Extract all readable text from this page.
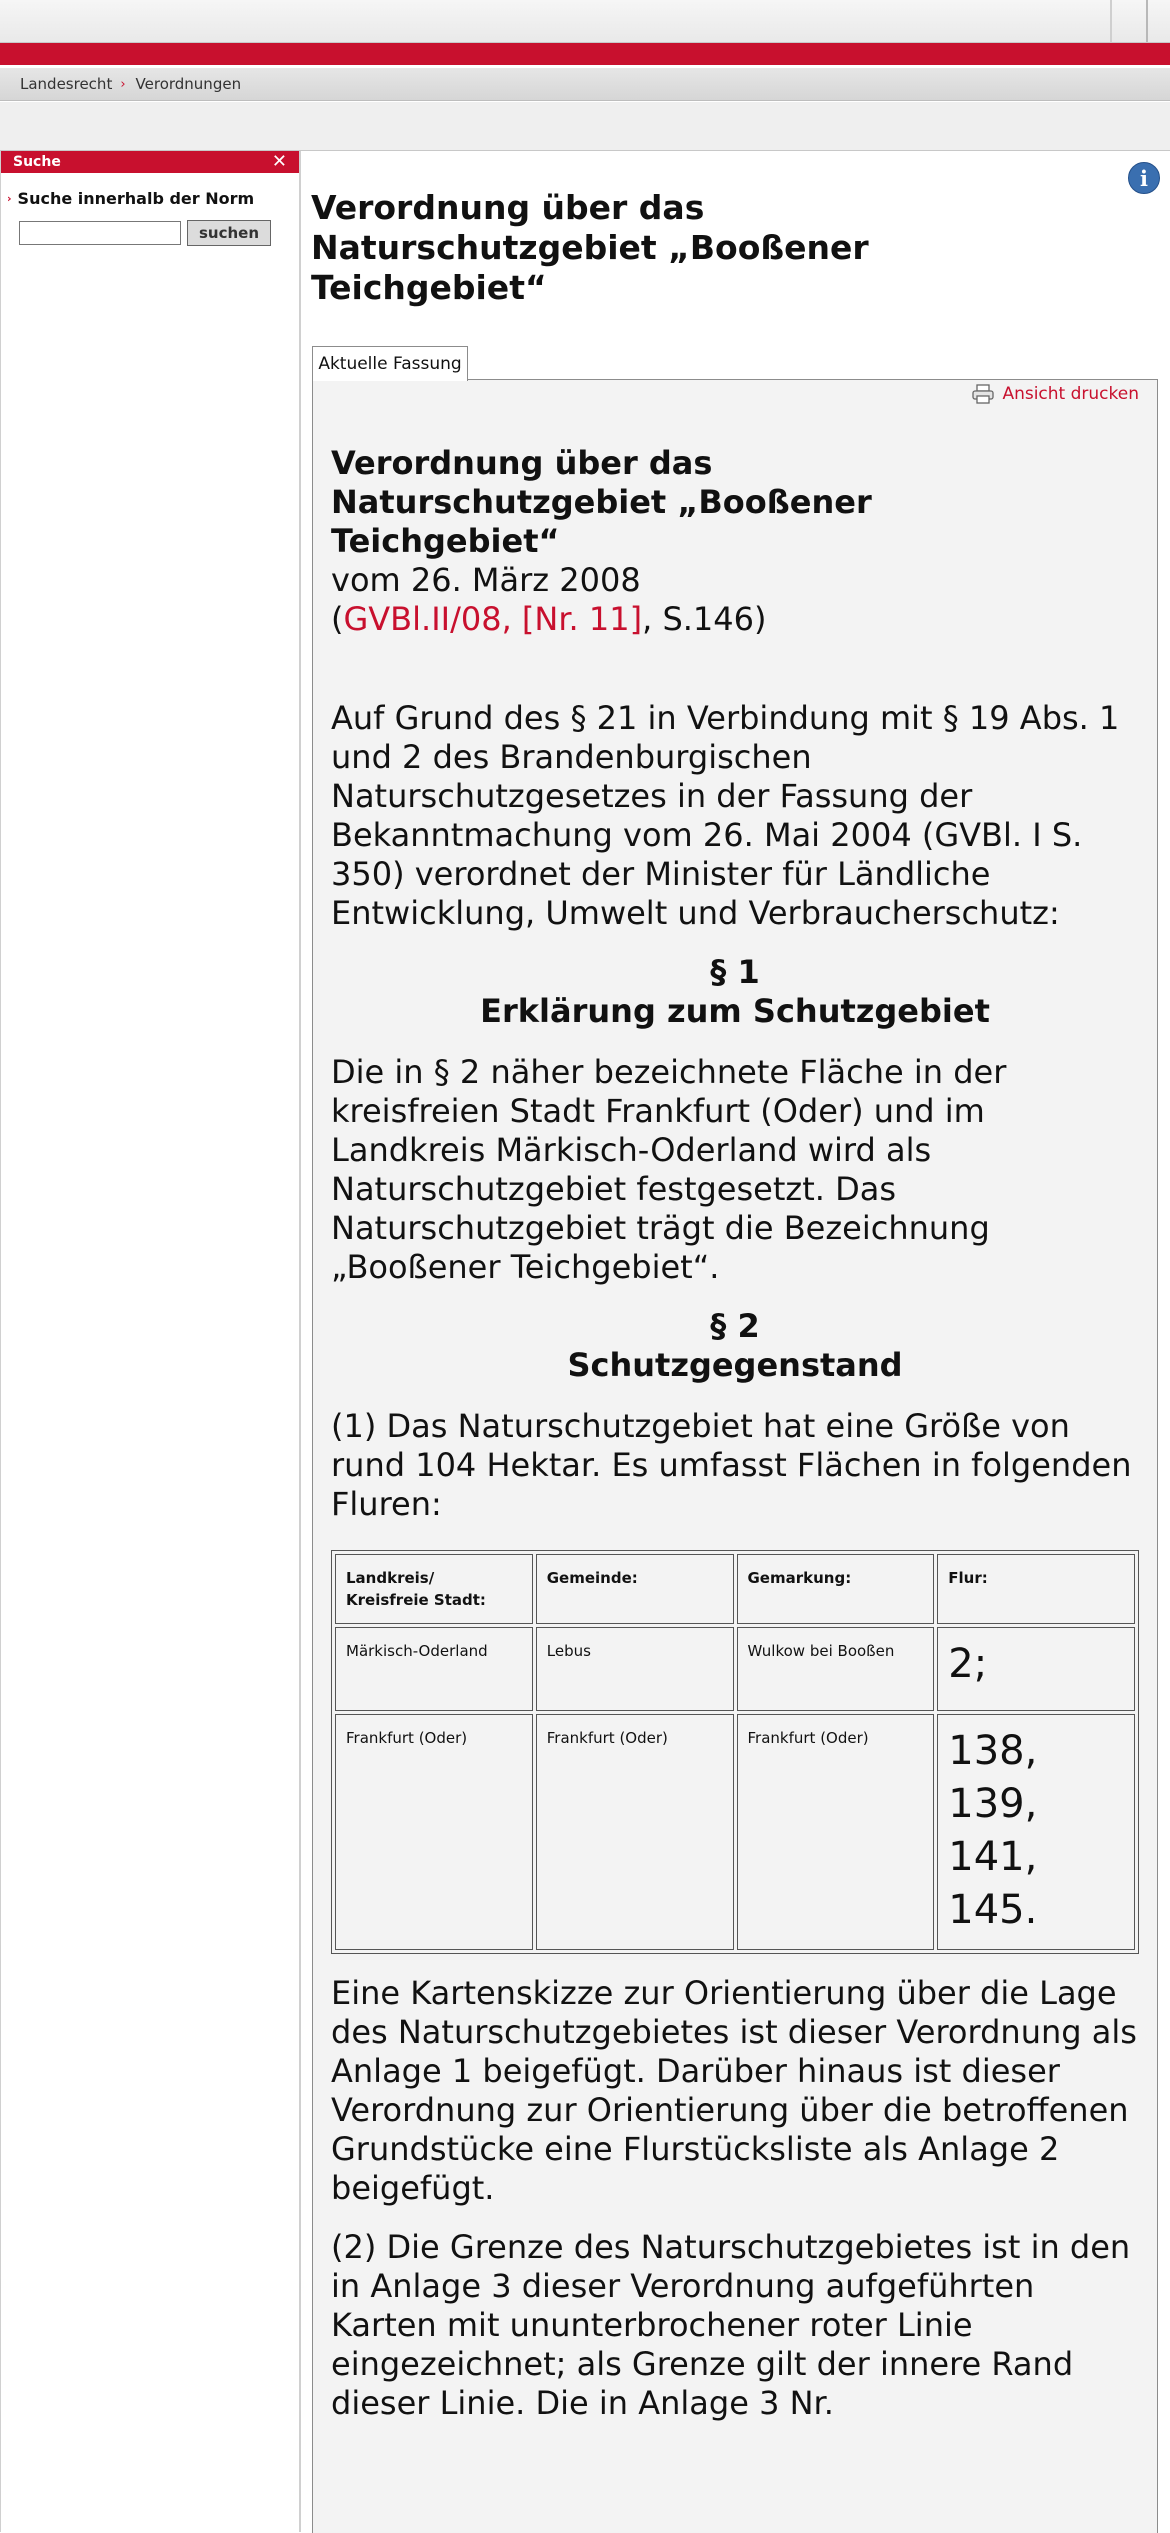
Landesrecht › Verordnungen
Suche	✕
› Suche innerhalb der Norm
suchen
i
Verordnung über das Naturschutzgebiet „Booßener Teichgebiet“
Aktuelle Fassung
Ansicht drucken
Verordnung über das Naturschutzgebiet „Booßener Teichgebiet“
vom 26. März 2008
(GVBl.II/08, [Nr. 11], S.146)

Auf Grund des § 21 in Verbindung mit § 19 Abs. 1 und 2 des Brandenburgischen Naturschutzgesetzes in der Fassung der Bekanntmachung vom 26. Mai 2004 (GVBl. I S. 350) verordnet der Minister für Ländliche Entwicklung, Umwelt und Verbraucherschutz:

§ 1
Erklärung zum Schutzgebiet

Die in § 2 näher bezeichnete Fläche in der kreisfreien Stadt Frankfurt (Oder) und im Landkreis Märkisch-Oderland wird als Naturschutzgebiet festgesetzt. Das Naturschutzgebiet trägt die Bezeichnung „Booßener Teichgebiet“.

§ 2
Schutzgegenstand

(1) Das Naturschutzgebiet hat eine Größe von rund 104 Hektar. Es umfasst Flächen in folgenden Fluren:

Landkreis/ Kreisfreie Stadt:	Gemeinde:	Gemarkung:	Flur:
Märkisch-Oderland	Lebus	Wulkow bei Booßen	2;
Frankfurt (Oder)	Frankfurt (Oder)	Frankfurt (Oder)	138, 139, 141, 145.

Eine Kartenskizze zur Orientierung über die Lage des Naturschutzgebietes ist dieser Verordnung als Anlage 1 beigefügt. Darüber hinaus ist dieser Verordnung zur Orientierung über die betroffenen Grundstücke eine Flurstücksliste als Anlage 2 beigefügt.

(2) Die Grenze des Naturschutzgebietes ist in den in Anlage 3 dieser Verordnung aufgeführten Karten mit ununterbrochener roter Linie eingezeichnet; als Grenze gilt der innere Rand dieser Linie. Die in Anlage 3 Nr.
